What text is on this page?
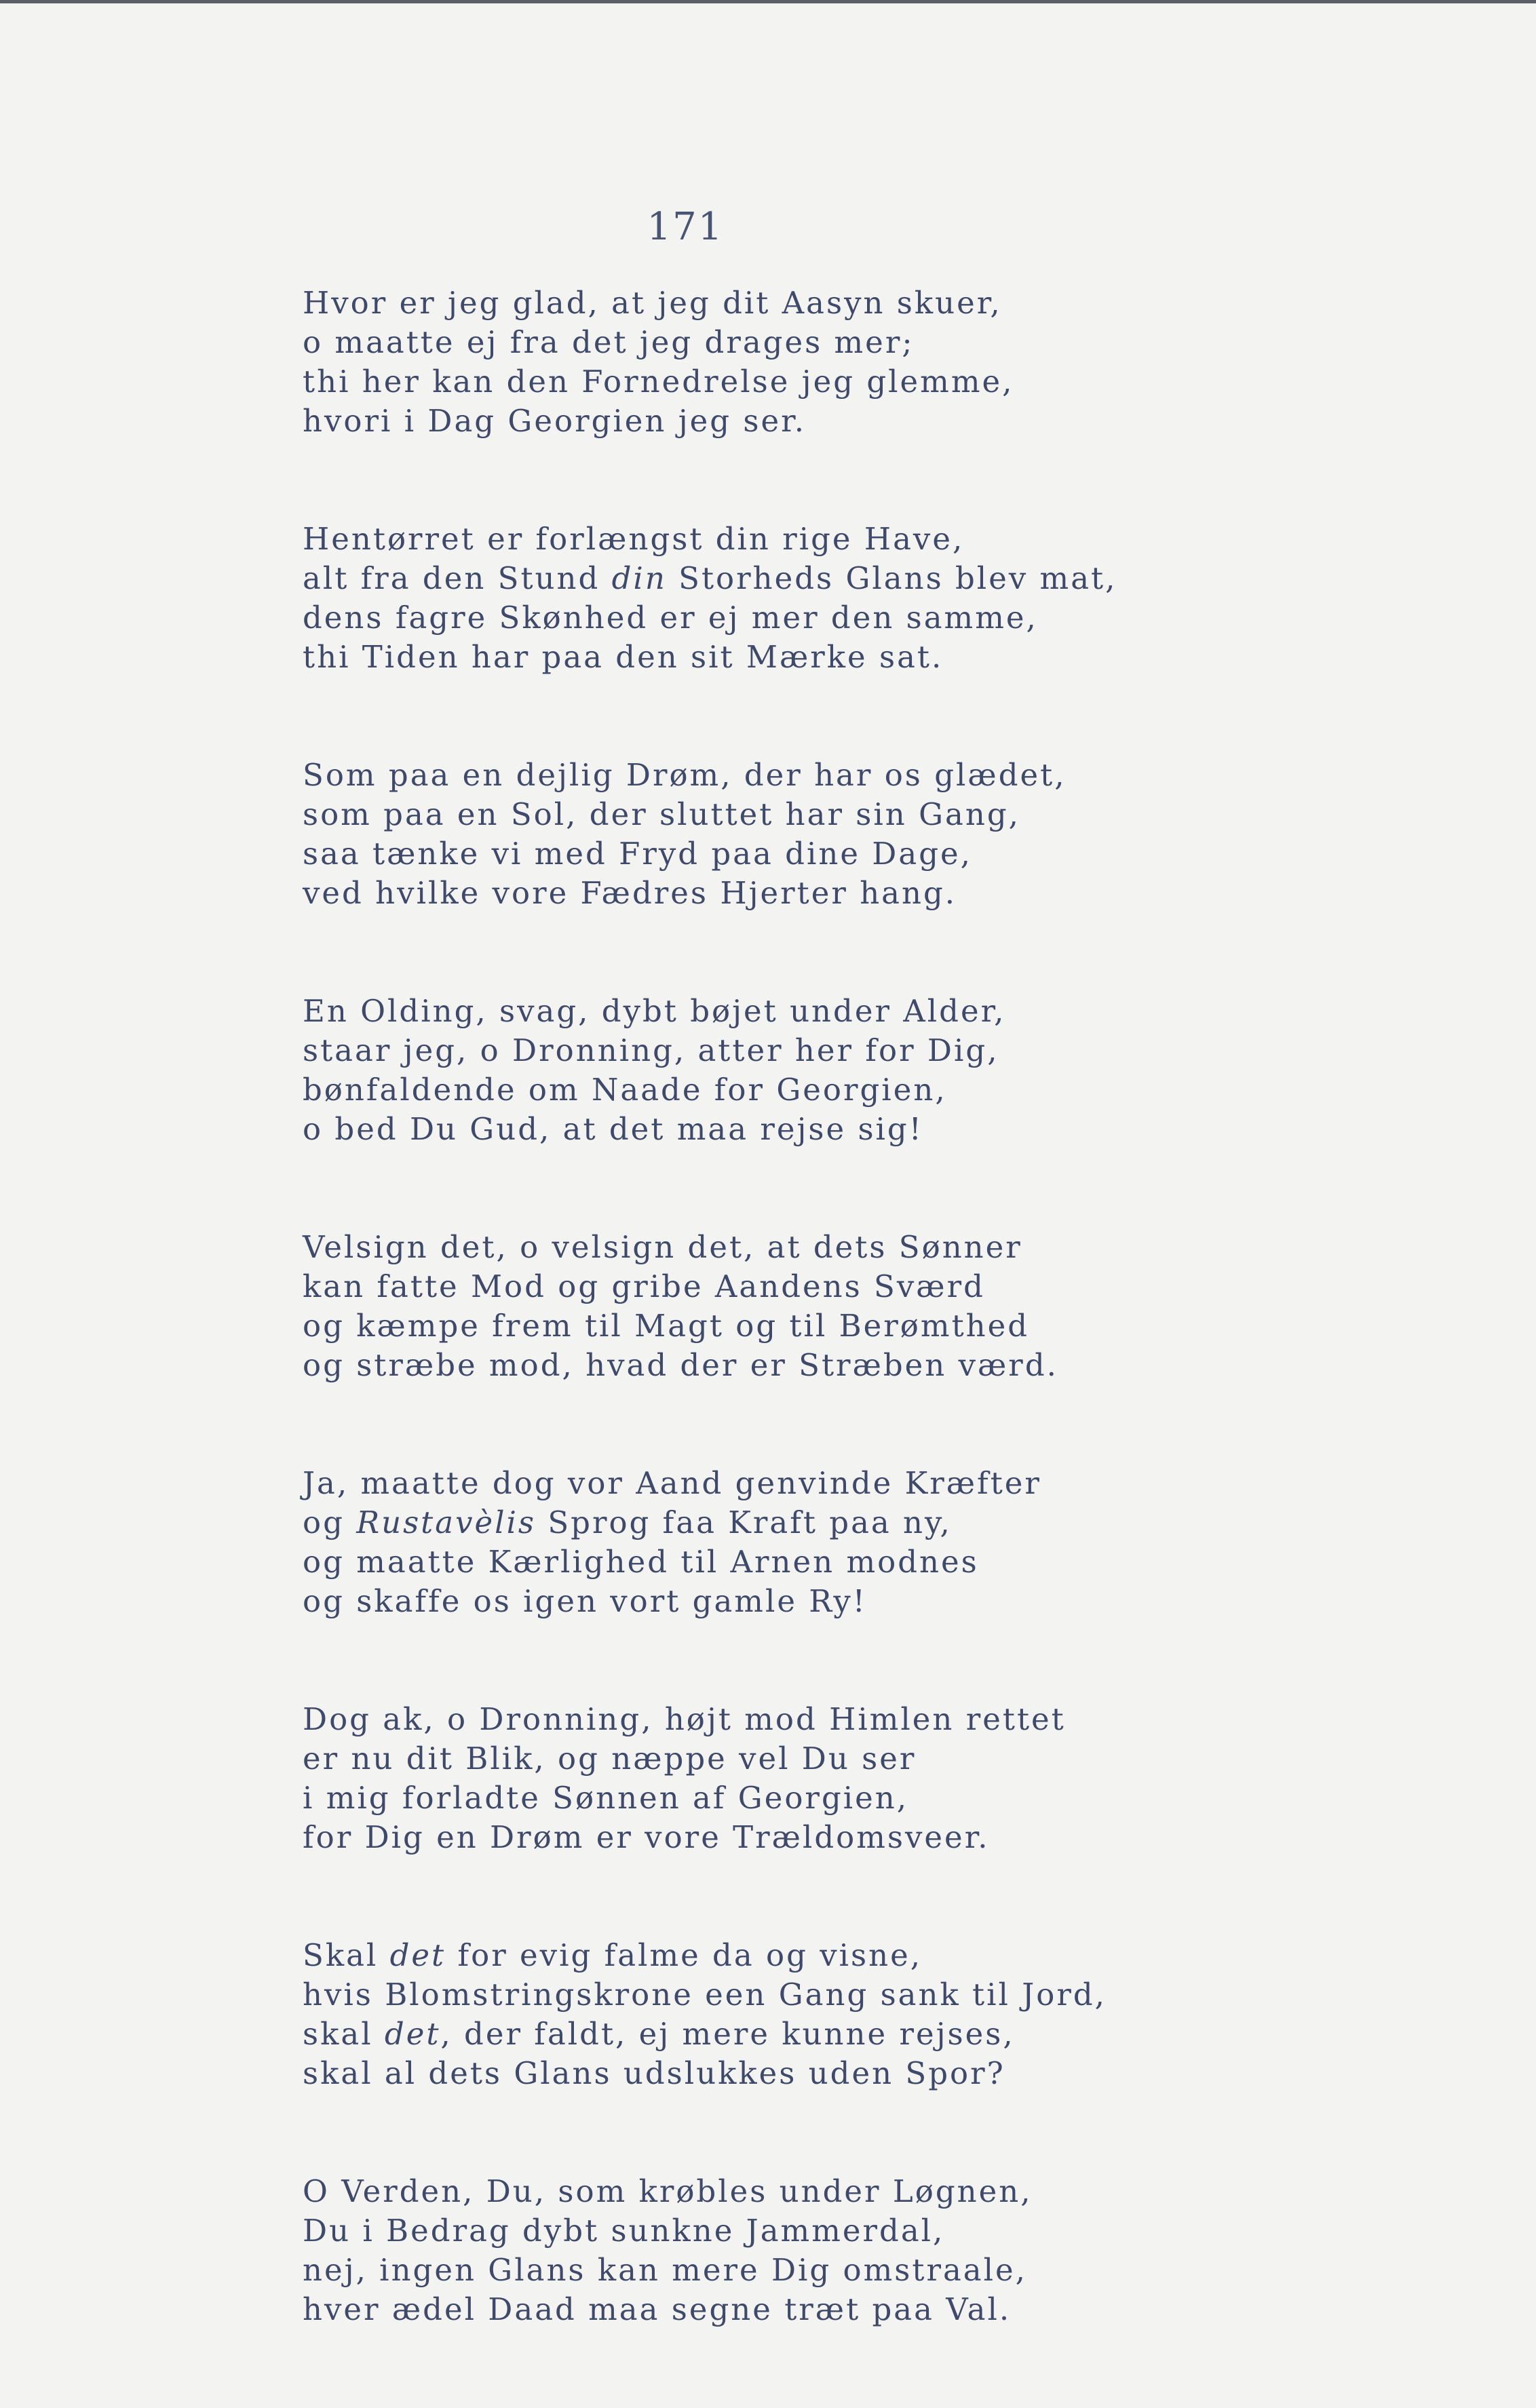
171
Hvor er jeg glad, at jeg dit Aasyn skuer,
o maatte ej fra det jeg drages mer;
thi her kan den Fornedrelse jeg glemme,
hvori i Dag Georgien jeg ser.
Hentørret er forlængst din rige Have,
alt fra den Stund din Storheds Glans blev mat,
dens fagre Skønhed er ej mer den samme,
thi Tiden har paa den sit Mærke sat.
Som paa en dejlig Drøm, der har os glædet,
som paa en Sol, der sluttet har sin Gang,
saa tænke vi med Fryd paa dine Dage,
ved hvilke vore Fædres Hjerter hang.
En Olding, svag, dybt bøjet under Alder,
staar jeg, o Dronning, atter her for Dig,
bønfaldende om Naade for Georgien,
o bed Du Gud, at det maa rejse sig!
Velsign det, o velsign det, at dets Sønner
kan fatte Mod og gribe Aandens Sværd
og kæmpe frem til Magt og til Berømthed
og stræbe mod, hvad der er Stræben værd.
Ja, maatte dog vor Aand genvinde Kræfter
og Rustavèlis Sprog faa Kraft paa ny,
og maatte Kærlighed til Arnen modnes
og skaffe os igen vort gamle Ry!
Dog ak, o Dronning, højt mod Himlen rettet
er nu dit Blik, og næppe vel Du ser
i mig forladte Sønnen af Georgien,
for Dig en Drøm er vore Trældomsveer.
Skal det for evig falme da og visne,
hvis Blomstringskrone een Gang sank til Jord,
skal det, der faldt, ej mere kunne rejses,
skal al dets Glans udslukkes uden Spor?
O Verden, Du, som krøbles under Løgnen,
Du i Bedrag dybt sunkne Jammerdal,
nej, ingen Glans kan mere Dig omstraale,
hver ædel Daad maa segne træt paa Val.
